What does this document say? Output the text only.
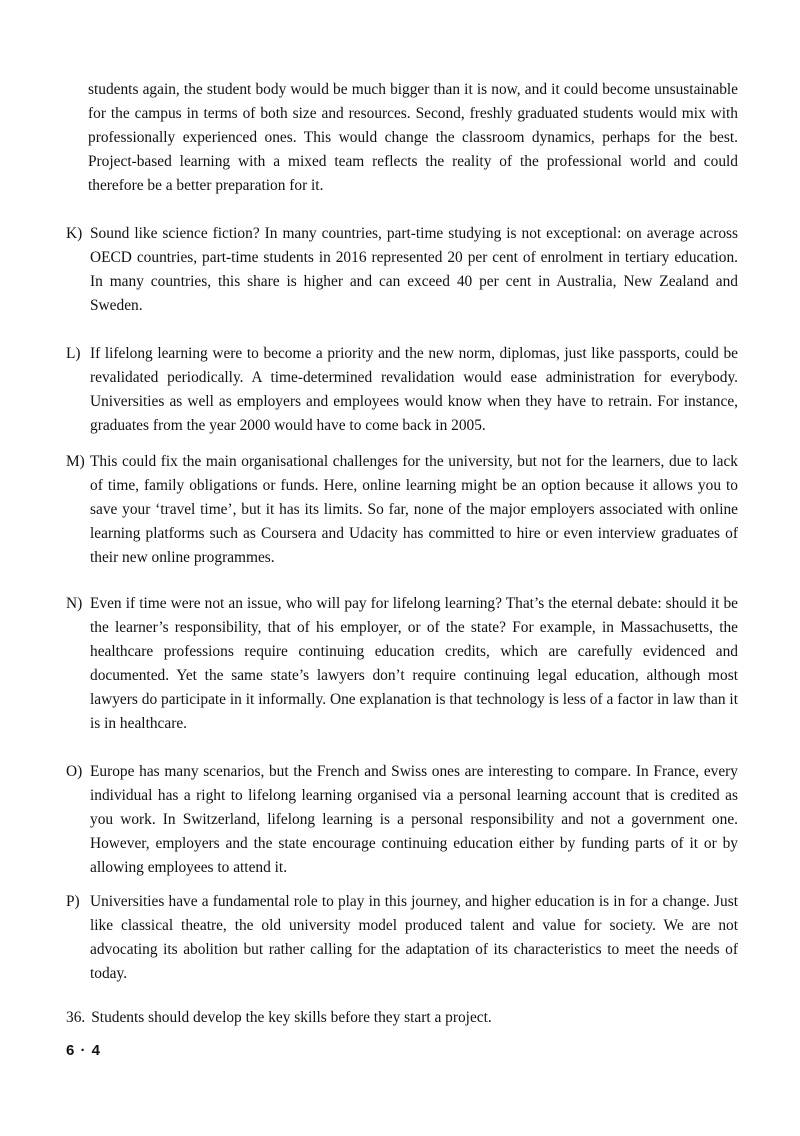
students again, the student body would be much bigger than it is now, and it could become unsustainable for the campus in terms of both size and resources. Second, freshly graduated students would mix with professionally experienced ones. This would change the classroom dynamics, perhaps for the best. Project-based learning with a mixed team reflects the reality of the professional world and could therefore be a better preparation for it.

K) Sound like science fiction? In many countries, part-time studying is not exceptional: on average across OECD countries, part-time students in 2016 represented 20 per cent of enrolment in tertiary education. In many countries, this share is higher and can exceed 40 per cent in Australia, New Zealand and Sweden.

L) If lifelong learning were to become a priority and the new norm, diplomas, just like passports, could be revalidated periodically. A time-determined revalidation would ease administration for everybody. Universities as well as employers and employees would know when they have to retrain. For instance, graduates from the year 2000 would have to come back in 2005.

M) This could fix the main organisational challenges for the university, but not for the learners, due to lack of time, family obligations or funds. Here, online learning might be an option because it allows you to save your ‘travel time’, but it has its limits. So far, none of the major employers associated with online learning platforms such as Coursera and Udacity has committed to hire or even interview graduates of their new online programmes.

N) Even if time were not an issue, who will pay for lifelong learning? That’s the eternal debate: should it be the learner’s responsibility, that of his employer, or of the state? For example, in Massachusetts, the healthcare professions require continuing education credits, which are carefully evidenced and documented. Yet the same state’s lawyers don’t require continuing legal education, although most lawyers do participate in it informally. One explanation is that technology is less of a factor in law than it is in healthcare.

O) Europe has many scenarios, but the French and Swiss ones are interesting to compare. In France, every individual has a right to lifelong learning organised via a personal learning account that is credited as you work. In Switzerland, lifelong learning is a personal responsibility and not a government one. However, employers and the state encourage continuing education either by funding parts of it or by allowing employees to attend it.

P) Universities have a fundamental role to play in this journey, and higher education is in for a change. Just like classical theatre, the old university model produced talent and value for society. We are not advocating its abolition but rather calling for the adaptation of its characteristics to meet the needs of today.

36. Students should develop the key skills before they start a project.
6 · 4
